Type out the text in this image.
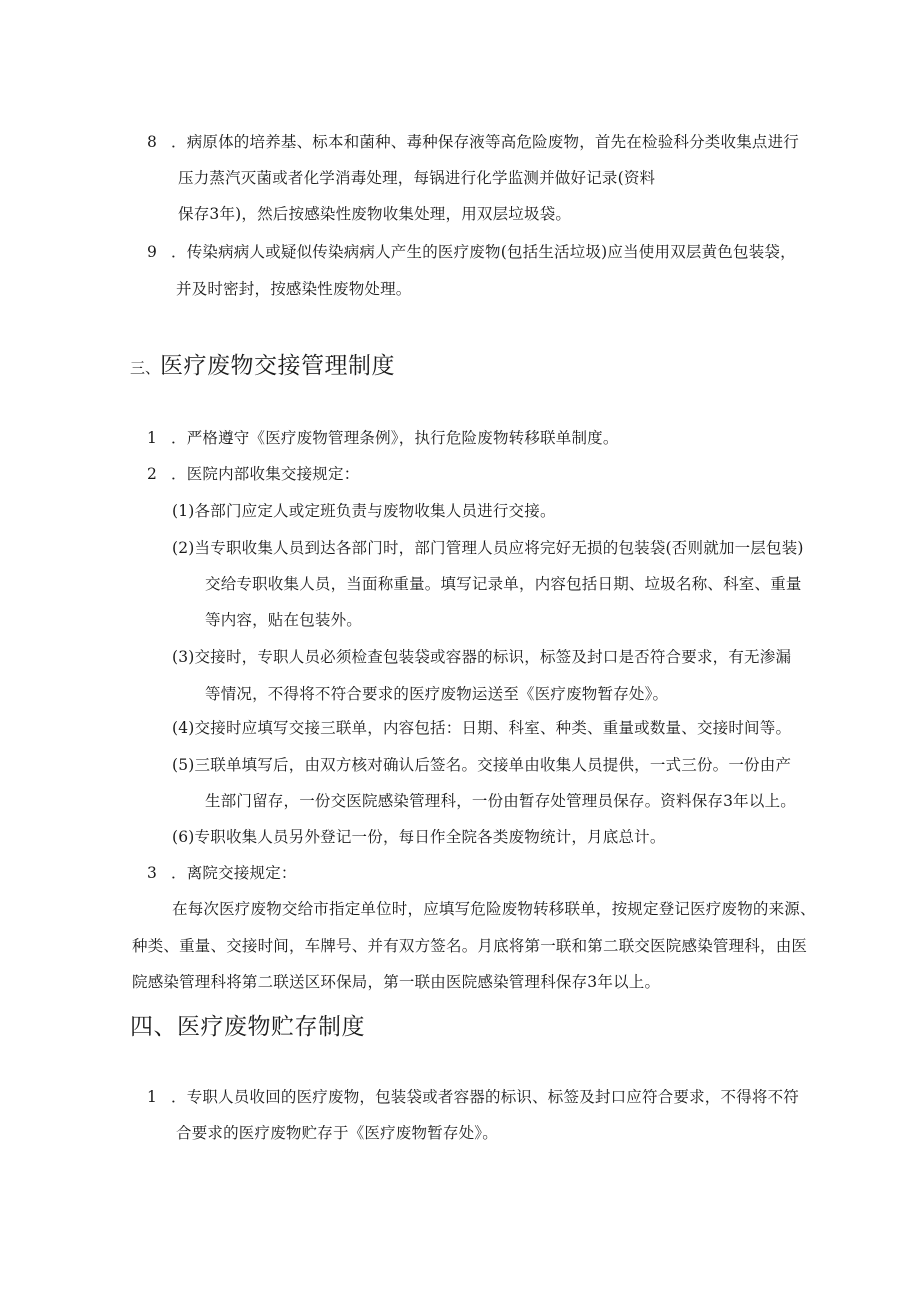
8 ．病原体的培养基、标本和菌种、毒种保存液等高危险废物，首先在检验科分类收集点进行
压力蒸汽灭菌或者化学消毒处理，每锅进行化学监测并做好记录(资料
保存3年)，然后按感染性废物收集处理，用双层垃圾袋。
9 ．传染病病人或疑似传染病病人产生的医疗废物(包括生活垃圾)应当使用双层黄色包装袋，
并及时密封，按感染性废物处理。
三、医疗废物交接管理制度
1 ．严格遵守《医疗废物管理条例》，执行危险废物转移联单制度。
2 ．医院内部收集交接规定：
(1)各部门应定人或定班负责与废物收集人员进行交接。
(2)当专职收集人员到达各部门时，部门管理人员应将完好无损的包装袋(否则就加一层包装)
交给专职收集人员，当面称重量。填写记录单，内容包括日期、垃圾名称、科室、重量
等内容，贴在包装外。
(3)交接时，专职人员必须检查包装袋或容器的标识，标签及封口是否符合要求，有无渗漏
等情况，不得将不符合要求的医疗废物运送至《医疗废物暂存处》。
(4)交接时应填写交接三联单，内容包括：日期、科室、种类、重量或数量、交接时间等。
(5)三联单填写后，由双方核对确认后签名。交接单由收集人员提供，一式三份。一份由产
生部门留存，一份交医院感染管理科，一份由暂存处管理员保存。资料保存3年以上。
(6)专职收集人员另外登记一份，每日作全院各类废物统计，月底总计。
3 ．离院交接规定：
在每次医疗废物交给市指定单位时，应填写危险废物转移联单，按规定登记医疗废物的来源、
种类、重量、交接时间，车牌号、并有双方签名。月底将第一联和第二联交医院感染管理科，由医
院感染管理科将第二联送区环保局，第一联由医院感染管理科保存3年以上。
四、医疗废物贮存制度
1 ．专职人员收回的医疗废物，包装袋或者容器的标识、标签及封口应符合要求，不得将不符
合要求的医疗废物贮存于《医疗废物暂存处》。
